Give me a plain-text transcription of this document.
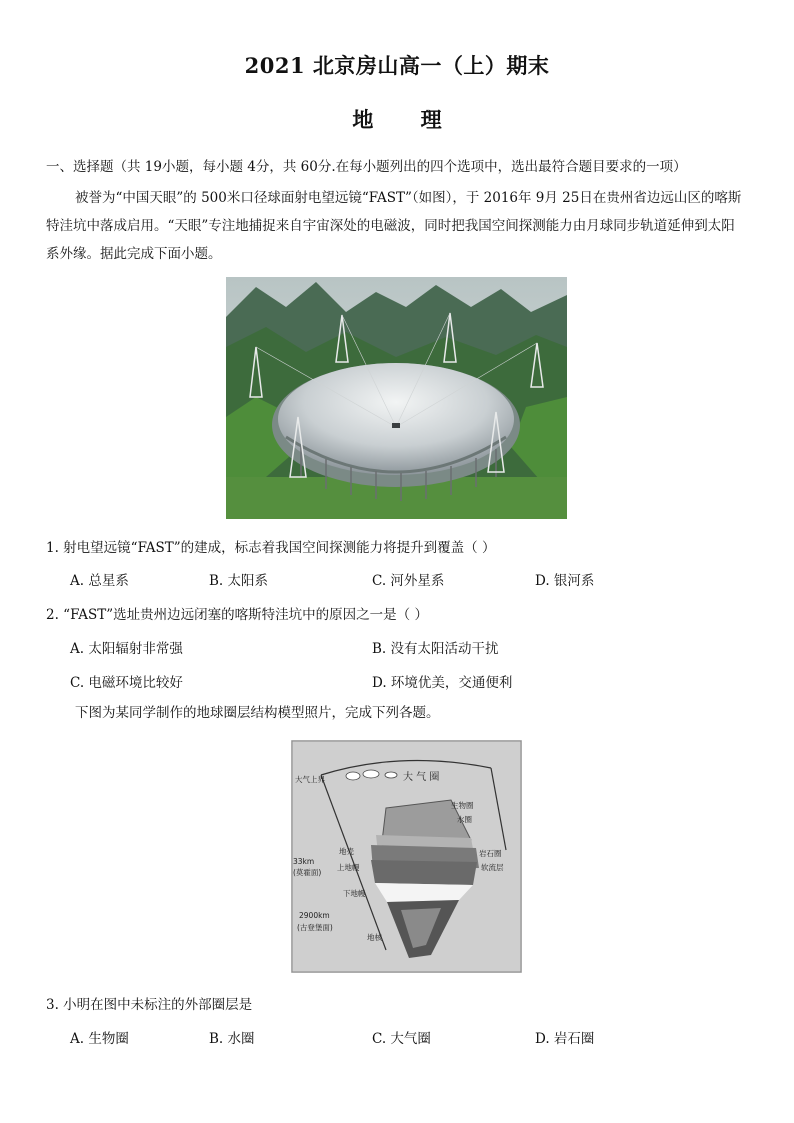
2021 北京房山高一（上）期末
地 理
一、选择题（共 19小题，每小题 4分，共 60分.在每小题列出的四个选项中，选出最符合题目要求的一项）
被誉为“中国天眼”的 500米口径球面射电望远镜“FAST”（如图），于 2016年 9月 25日在贵州省边远山区的喀斯特洼坑中落成启用。“天眼”专注地捕捉来自宇宙深处的电磁波，同时把我国空间探测能力由月球同步轨道延伸到太阳系外缘。据此完成下面小题。
1. 射电望远镜“FAST”的建成，标志着我国空间探测能力将提升到覆盖（ ）
A. 总星系	B. 太阳系	C. 河外星系	D. 银河系
2. “FAST”选址贵州边远闭塞的喀斯特洼坑中的原因之一是（ ）
A. 太阳辐射非常强	B. 没有太阳活动干扰
C. 电磁环境比较好	D. 环境优美，交通便利
下图为某同学制作的地球圈层结构模型照片，完成下列各题。
大气上界	大 气 圈
生物圈
水圈
地壳
33km
(莫霍面)
上地幔
岩石圈
软流层
下地幔
2900km
(古登堡面)
地核
3. 小明在图中未标注的外部圈层是
A. 生物圈	B. 水圈	C. 大气圈	D. 岩石圈
